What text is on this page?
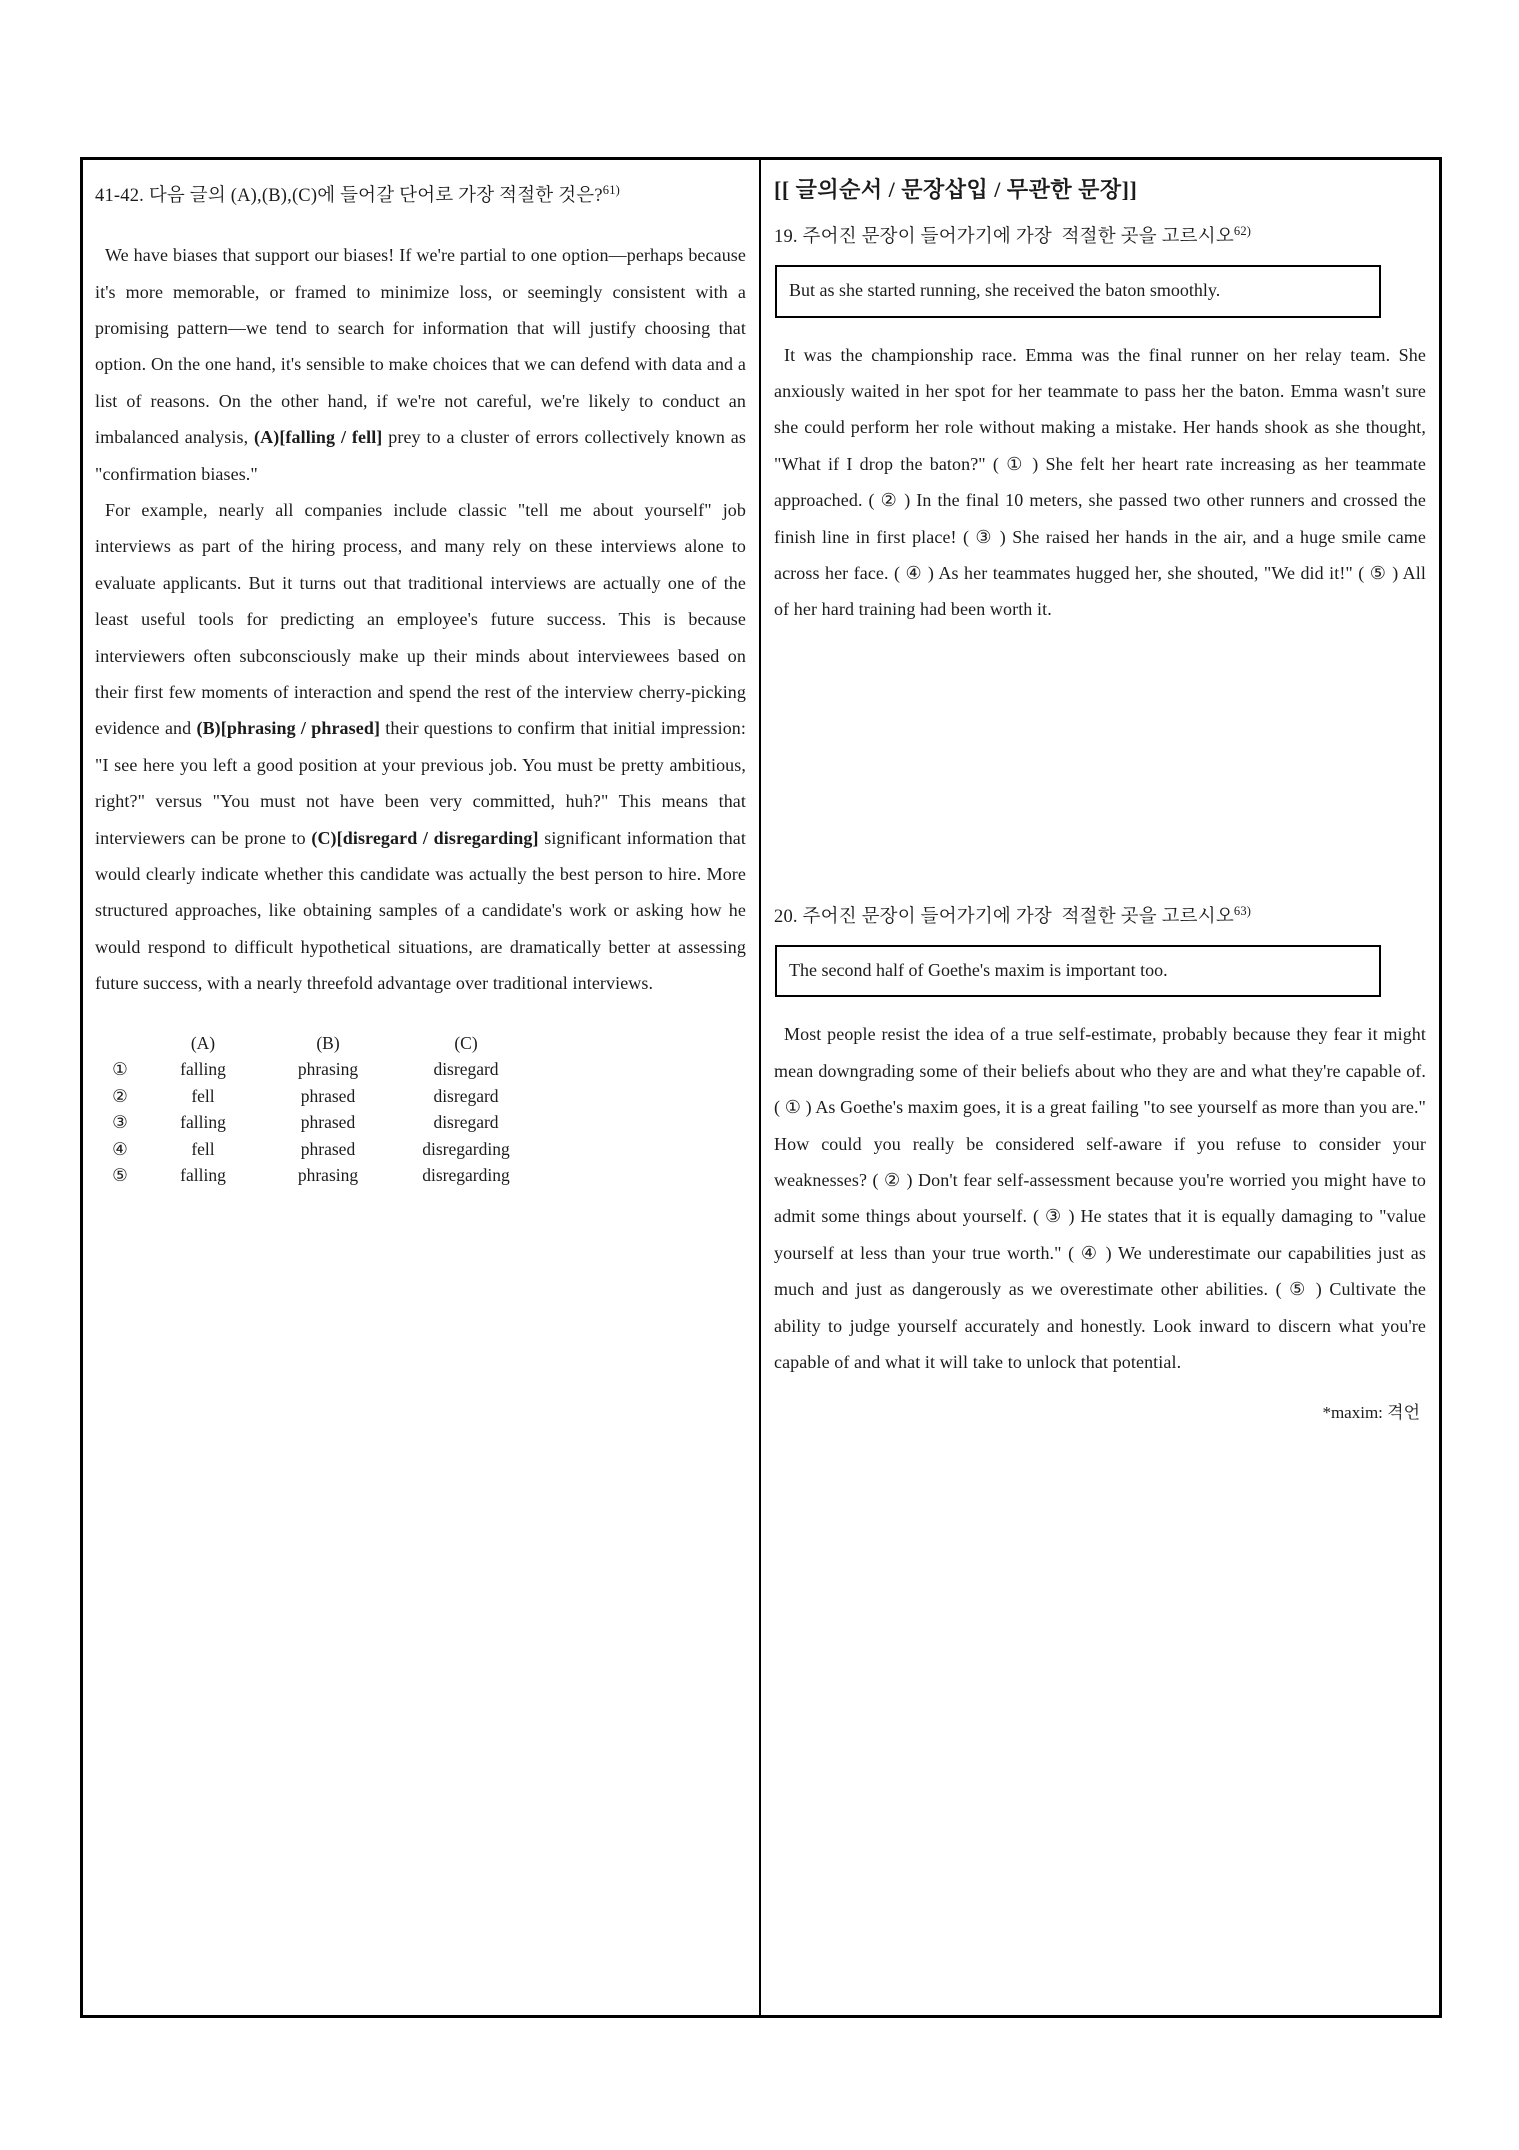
41-42. 다음 글의 (A),(B),(C)에 들어갈 단어로 가장 적절한 것은?$^{61)}$

We have biases that support our biases! If we're partial to one option―perhaps because it's more memorable, or framed to minimize loss, or seemingly consistent with a promising pattern―we tend to search for information that will justify choosing that option. On the one hand, it's sensible to make choices that we can defend with data and a list of reasons. On the other hand, if we're not careful, we're likely to conduct an imbalanced analysis, (A)[falling / fell] prey to a cluster of errors collectively known as "confirmation biases."

For example, nearly all companies include classic "tell me about yourself" job interviews as part of the hiring process, and many rely on these interviews alone to evaluate applicants. But it turns out that traditional interviews are actually one of the least useful tools for predicting an employee's future success. This is because interviewers often subconsciously make up their minds about interviewees based on their first few moments of interaction and spend the rest of the interview cherry-picking evidence and (B)[phrasing / phrased] their questions to confirm that initial impression: "I see here you left a good position at your previous job. You must be pretty ambitious, right?" versus "You must not have been very committed, huh?" This means that interviewers can be prone to (C)[disregard / disregarding] significant information that would clearly indicate whether this candidate was actually the best person to hire. More structured approaches, like obtaining samples of a candidate's work or asking how he would respond to difficult hypothetical situations, are dramatically better at assessing future success, with a nearly threefold advantage over traditional interviews.

	(A)	(B)	(C)
①	falling	phrasing	disregard
②	fell	phrased	disregard
③	falling	phrased	disregard
④	fell	phrased	disregarding
⑤	falling	phrasing	disregarding
[[ 글의순서 / 문장삽입 / 무관한 문장]]
19. 주어진 문장이 들어가기에 가장  적절한 곳을 고르시오$^{62)}$
But as she started running, she received the baton smoothly.

It was the championship race. Emma was the final runner on her relay team. She anxiously waited in her spot for her teammate to pass her the baton. Emma wasn't sure she could perform her role without making a mistake. Her hands shook as she thought, "What if I drop the baton?" ( ① ) She felt her heart rate increasing as her teammate approached. ( ② ) In the final 10 meters, she passed two other runners and crossed the finish line in first place! ( ③ ) She raised her hands in the air, and a huge smile came across her face. ( ④ ) As her teammates hugged her, she shouted, "We did it!" ( ⑤ ) All of her hard training had been worth it.

20. 주어진 문장이 들어가기에 가장  적절한 곳을 고르시오$^{63)}$
The second half of Goethe's maxim is important too.

Most people resist the idea of a true self-estimate, probably because they fear it might mean downgrading some of their beliefs about who they are and what they're capable of. ( ① ) As Goethe's maxim goes, it is a great failing "to see yourself as more than you are." How could you really be considered self-aware if you refuse to consider your weaknesses? ( ② ) Don't fear self-assessment because you're worried you might have to admit some things about yourself. ( ③ ) He states that it is equally damaging to "value yourself at less than your true worth." ( ④ ) We underestimate our capabilities just as much and just as dangerously as we overestimate other abilities. ( ⑤ ) Cultivate the ability to judge yourself accurately and honestly. Look inward to discern what you're capable of and what it will take to unlock that potential.

*maxim: 격언
